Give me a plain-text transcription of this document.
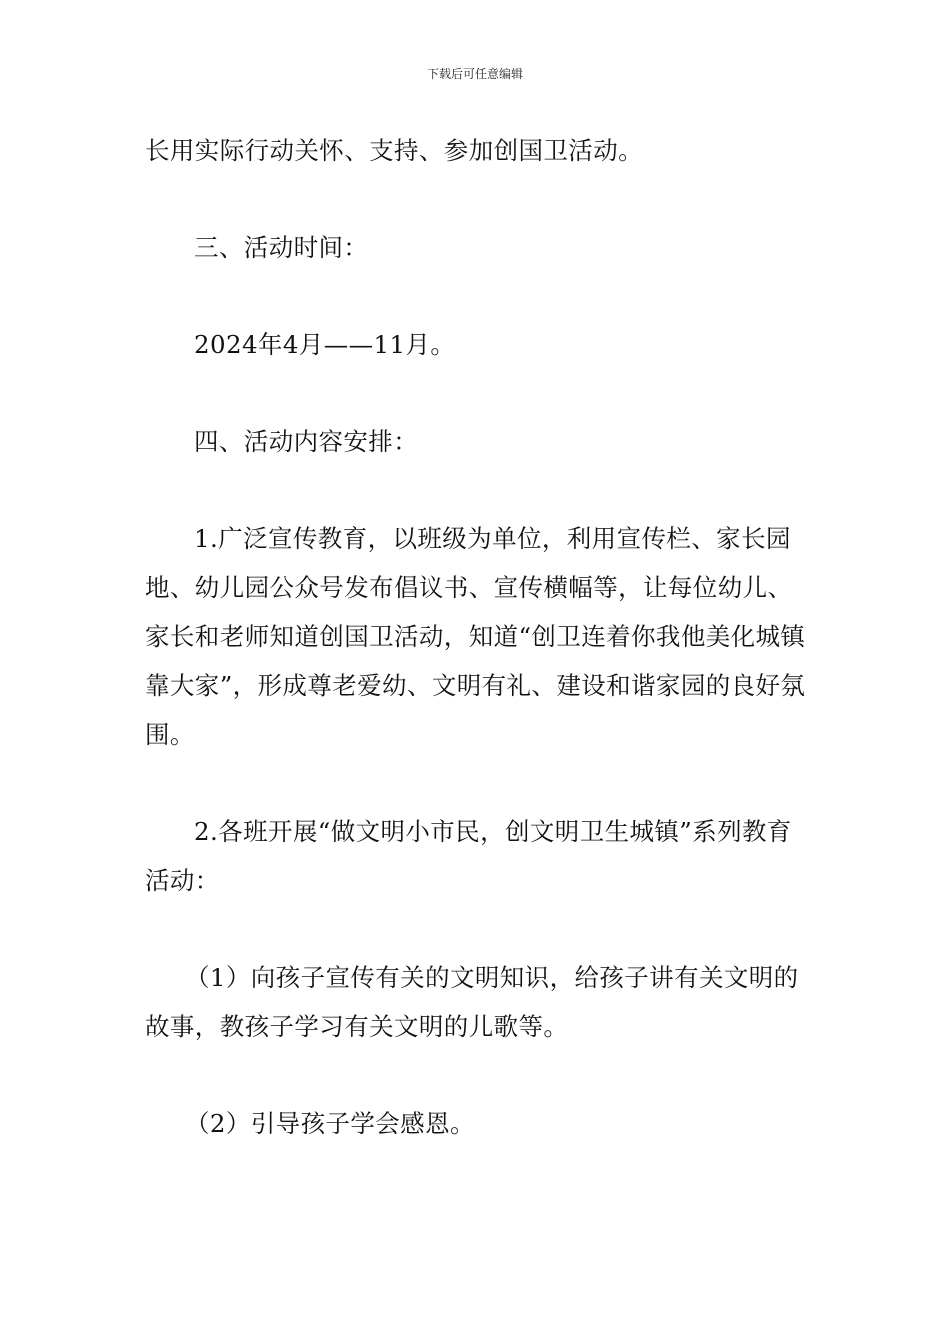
下载后可任意编辑

长用实际行动关怀、支持、参加创国卫活动。

三、活动时间：

2024年4月——11月。

四、活动内容安排：

1.广泛宣传教育，以班级为单位，利用宣传栏、家长园地、幼儿园公众号发布倡议书、宣传横幅等，让每位幼儿、家长和老师知道创国卫活动，知道“创卫连着你我他美化城镇靠大家”，形成尊老爱幼、文明有礼、建设和谐家园的良好氛围。

2.各班开展“做文明小市民，创文明卫生城镇”系列教育活动：

（1）向孩子宣传有关的文明知识，给孩子讲有关文明的故事，教孩子学习有关文明的儿歌等。

（2）引导孩子学会感恩。
